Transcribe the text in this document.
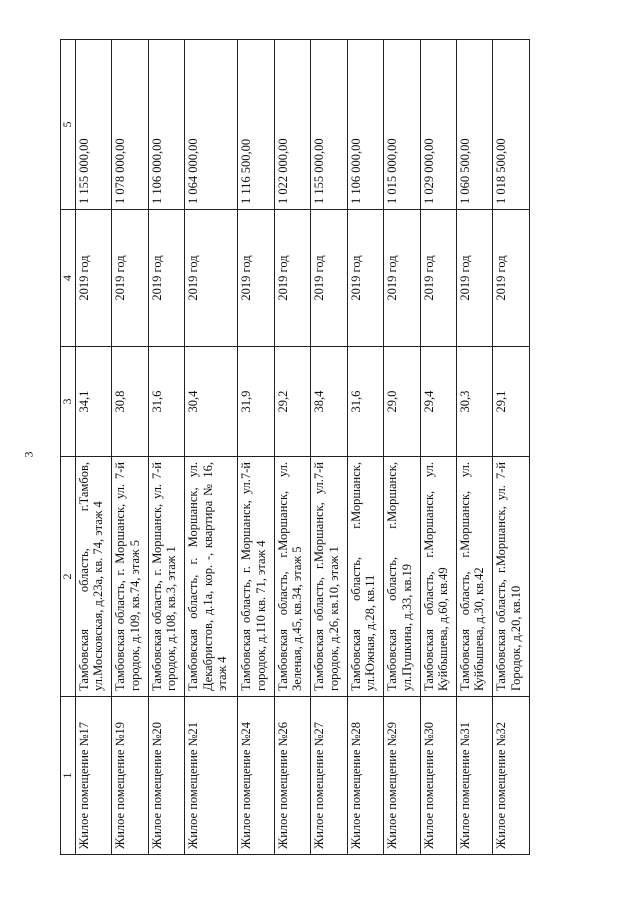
3
1	2	3	4	5
Жилое помещение №17	Тамбовская область, г.Тамбов, ул.Московская, д.23а, кв. 74, этаж 4	34,1	2019 год	1 155 000,00
Жилое помещение №19	Тамбовская область, г. Моршанск, ул. 7-й городок, д.109, кв.74, этаж 5	30,8	2019 год	1 078 000,00
Жилое помещение №20	Тамбовская область, г. Моршанск, ул. 7-й городок, д.108, кв.3, этаж 1	31,6	2019 год	1 106 000,00
Жилое помещение №21	Тамбовская область, г. Моршанск, ул. Декабристов, д.1а, кор. -, квартира № 16, этаж 4	30,4	2019 год	1 064 000,00
Жилое помещение №24	Тамбовская область, г. Моршанск, ул.7-й городок, д.110 кв. 71, этаж 4	31,9	2019 год	1 116 500,00
Жилое помещение №26	Тамбовская область, г.Моршанск, ул. Зеленая, д.45, кв.34, этаж 5	29,2	2019 год	1 022 000,00
Жилое помещение №27	Тамбовская область, г.Моршанск, ул.7-й городок, д.26, кв.10, этаж 1	38,4	2019 год	1 155 000,00
Жилое помещение №28	Тамбовская область, г.Моршанск, ул.Южная, д.28, кв.11	31,6	2019 год	1 106 000,00
Жилое помещение №29	Тамбовская область, г.Моршанск, ул.Пушкина, д.33, кв.19	29,0	2019 год	1 015 000,00
Жилое помещение №30	Тамбовская область, г.Моршанск, ул. Куйбышева, д.60, кв.49	29,4	2019 год	1 029 000,00
Жилое помещение №31	Тамбовская область, г.Моршанск, ул. Куйбышева, д.30, кв.42	30,3	2019 год	1 060 500,00
Жилое помещение №32	Тамбовская область, г.Моршанск, ул. 7-й Городок, д.20, кв.10	29,1	2019 год	1 018 500,00
